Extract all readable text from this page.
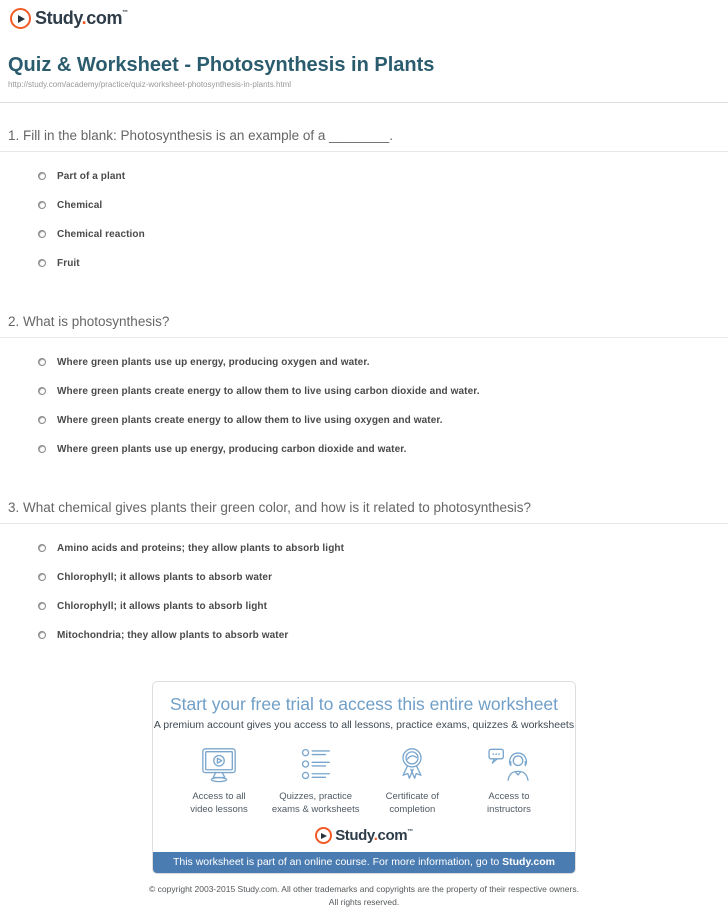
Study.com™
Quiz & Worksheet - Photosynthesis in Plants
http://study.com/academy/practice/quiz-worksheet-photosynthesis-in-plants.html

1. Fill in the blank: Photosynthesis is an example of a ________.

Part of a plant
Chemical
Chemical reaction
Fruit

2. What is photosynthesis?

Where green plants use up energy, producing oxygen and water.
Where green plants create energy to allow them to live using carbon dioxide and water.
Where green plants create energy to allow them to live using oxygen and water.
Where green plants use up energy, producing carbon dioxide and water.

3. What chemical gives plants their green color, and how is it related to photosynthesis?

Amino acids and proteins; they allow plants to absorb light
Chlorophyll; it allows plants to absorb water
Chlorophyll; it allows plants to absorb light
Mitochondria; they allow plants to absorb water
Start your free trial to access this entire worksheet
A premium account gives you access to all lessons, practice exams, quizzes & worksheets
Access to all
video lessons
Quizzes, practice
exams & worksheets
Certificate of
completion
Access to
instructors
Study.com™
This worksheet is part of an online course. For more information, go to Study.com
© copyright 2003-2015 Study.com. All other trademarks and copyrights are the property of their respective owners.
All rights reserved.
